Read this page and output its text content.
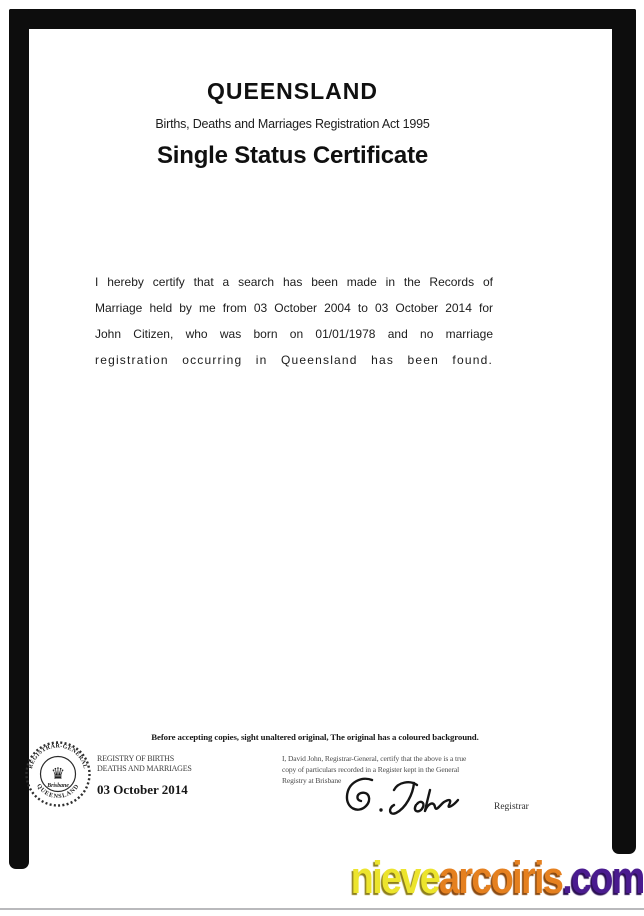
QUEENSLAND
Births, Deaths and Marriages Registration Act 1995
Single Status Certificate
I hereby certify that a search has been made in the Records of
Marriage held by me from 03 October 2004 to 03 October 2014 for
John Citizen, who was born on 01/01/1978 and no marriage
registration occurring in Queensland has been found.
Before accepting copies, sight unaltered original, The original has a coloured background.
REGISTRAR-GENERAL
QUEENSLAND
♛
Brisbane
REGISTRY OF BIRTHS
DEATHS AND MARRIAGES
03 October 2014
I, David John, Registrar-General, certify that the above is a true
copy of particulars recorded in a Register kept in the General
Registry at Brisbane
Registrar
nievearcoiris.com
